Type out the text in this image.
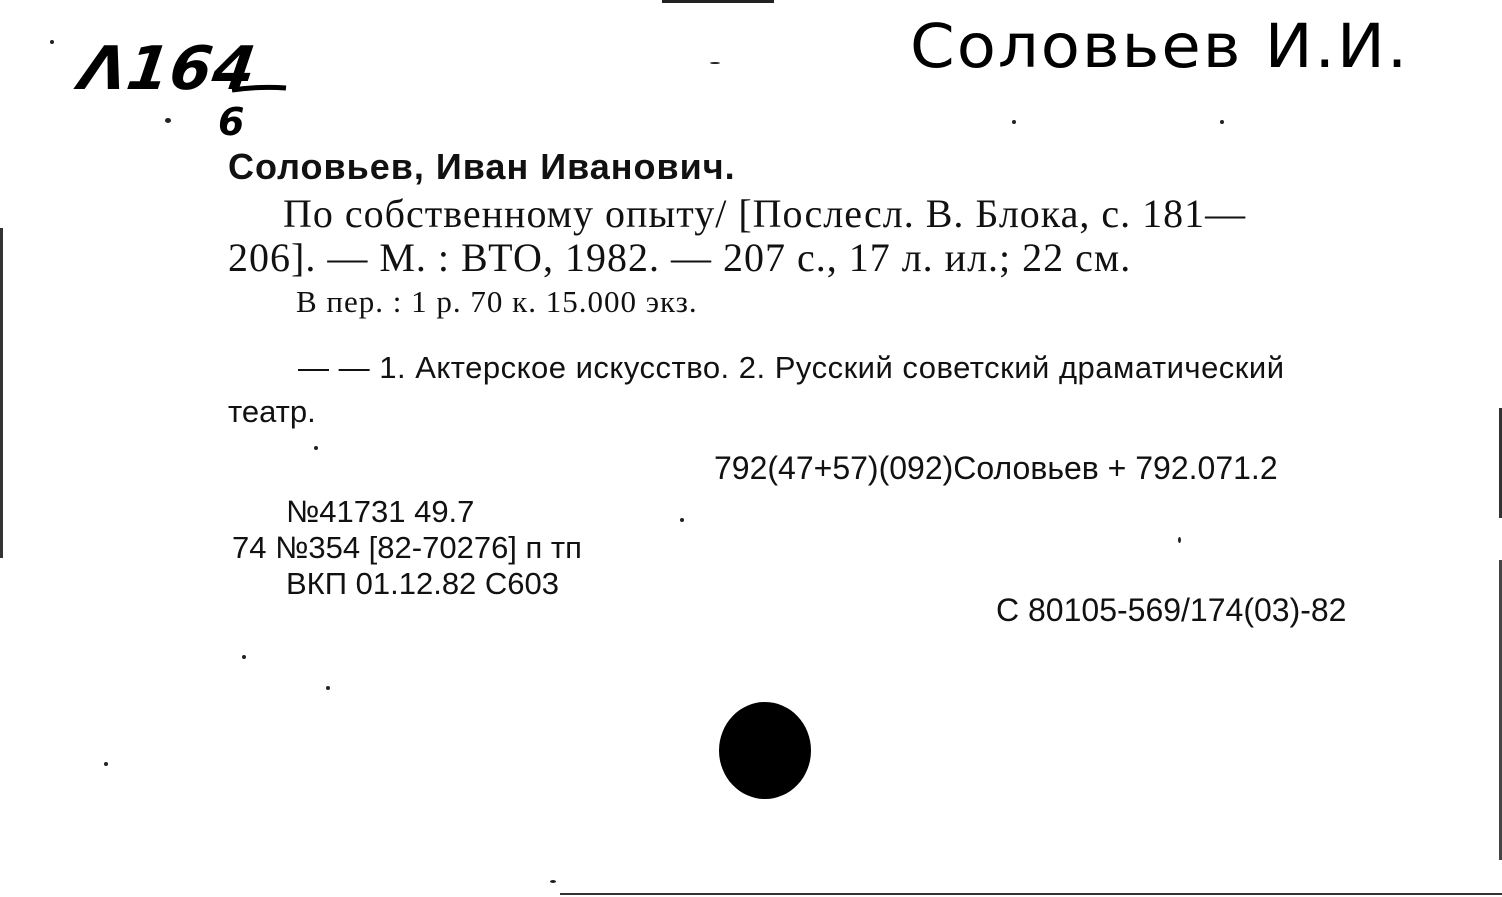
Λ164
6
Соловьев И.И.
Соловьев, Иван Иванович.
По собственному опыту/ [Послесл. В. Блока, с. 181—
206]. — М. : ВТО, 1982. — 207 с., 17 л. ил.; 22 см.
В пер. : 1 р. 70 к. 15.000 экз.
— — 1. Актерское искусство. 2. Русский советский драматический
театр.
792(47+57)(092)Соловьев + 792.071.2
№41731 49.7
74 №354 [82-70276] п тп
ВКП 01.12.82 С603
С 80105-569/174(03)-82
